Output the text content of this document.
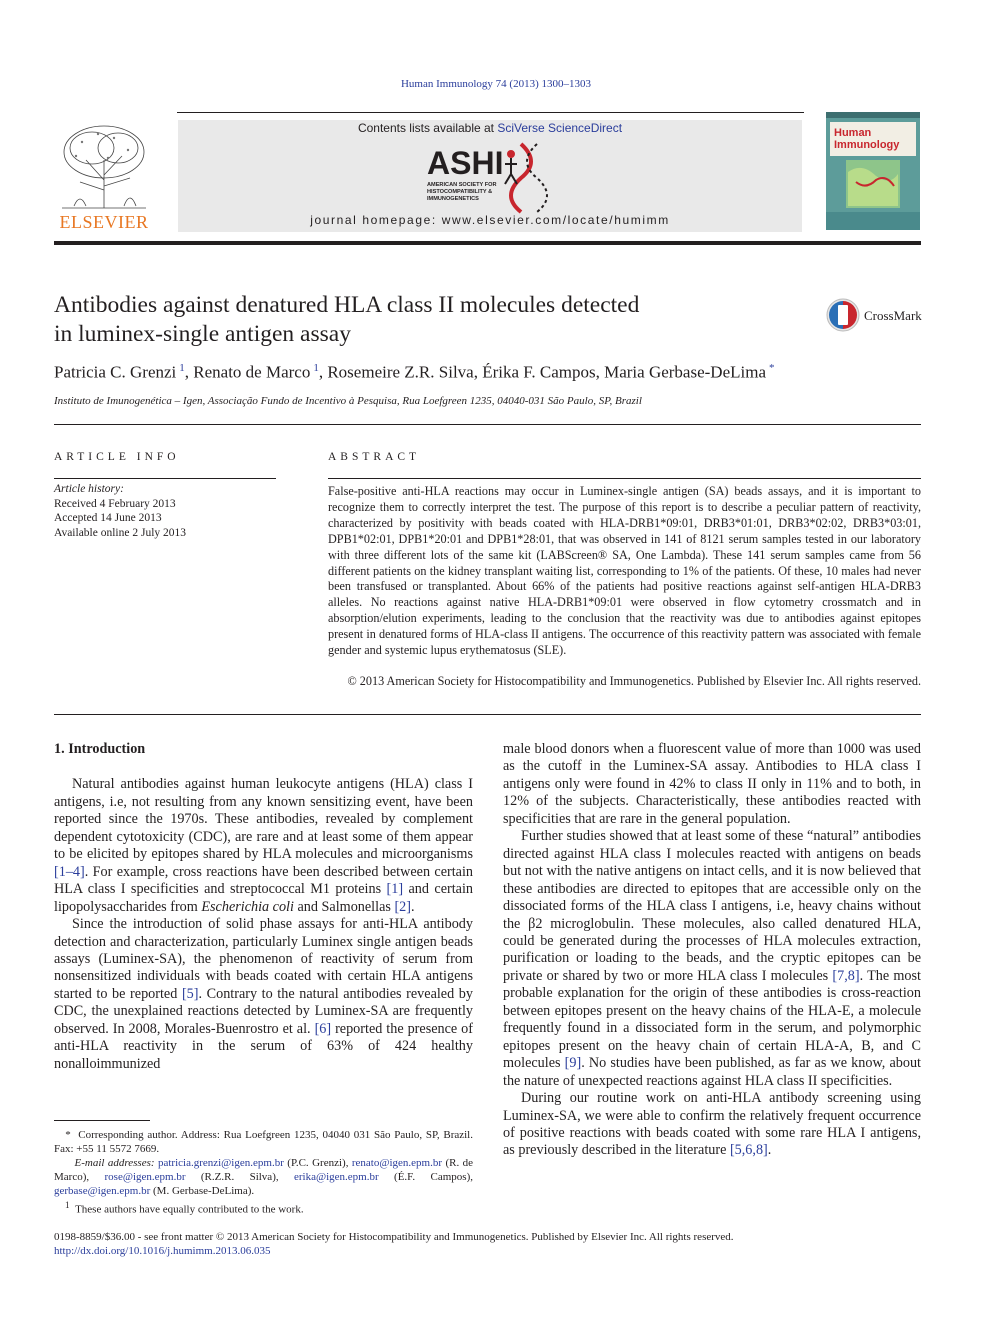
Human Immunology 74 (2013) 1300–1303
ELSEVIER
Contents lists available at SciVerse ScienceDirect
ASHI
AMERICAN SOCIETY FOR HISTOCOMPATIBILITY & IMMUNOGENETICS
journal homepage: www.elsevier.com/locate/humimm
Human
Immunology
Antibodies against denatured HLA class II molecules detected
in luminex-single antigen assay
CrossMark
Patricia C. Grenzi $^1$, Renato de Marco $^1$, Rosemeire Z.R. Silva, Érika F. Campos, Maria Gerbase-DeLima *
Instituto de Imunogenética – Igen, Associação Fundo de Incentivo à Pesquisa, Rua Loefgreen 1235, 04040-031 São Paulo, SP, Brazil
ARTICLE INFO
Article history:
Received 4 February 2013
Accepted 14 June 2013
Available online 2 July 2013
ABSTRACT
False-positive anti-HLA reactions may occur in Luminex-single antigen (SA) beads assays, and it is important to recognize them to correctly interpret the test. The purpose of this report is to describe a peculiar pattern of reactivity, characterized by positivity with beads coated with HLA-DRB1*09:01, DRB3*01:01, DRB3*02:02, DRB3*03:01, DPB1*02:01, DPB1*20:01 and DPB1*28:01, that was observed in 141 of 8121 serum samples tested in our laboratory with three different lots of the same kit (LABScreen® SA, One Lambda). These 141 serum samples came from 56 different patients on the kidney transplant waiting list, corresponding to 1% of the patients. Of these, 10 males had never been transfused or transplanted. About 66% of the patients had positive reactions against self-antigen HLA-DRB3 alleles. No reactions against native HLA-DRB1*09:01 were observed in flow cytometry crossmatch and in absorption/elution experiments, leading to the conclusion that the reactivity was due to antibodies against epitopes present in denatured forms of HLA-class II antigens. The occurrence of this reactivity pattern was associated with female gender and systemic lupus erythematosus (SLE).
© 2013 American Society for Histocompatibility and Immunogenetics. Published by Elsevier Inc. All rights reserved.

1. Introduction

Natural antibodies against human leukocyte antigens (HLA) class I antigens, i.e, not resulting from any known sensitizing event, have been reported since the 1970s. These antibodies, revealed by complement dependent cytotoxicity (CDC), are rare and at least some of them appear to be elicited by epitopes shared by HLA molecules and microorganisms [1–4]. For example, cross reactions have been described between certain HLA class I specificities and streptococcal M1 proteins [1] and certain lipopolysaccharides from Escherichia coli and Salmonellas [2].

Since the introduction of solid phase assays for anti-HLA antibody detection and characterization, particularly Luminex single antigen beads assays (Luminex-SA), the phenomenon of reactivity of serum from nonsensitized individuals with beads coated with certain HLA antigens started to be reported [5]. Contrary to the natural antibodies revealed by CDC, the unexplained reactions detected by Luminex-SA are frequently observed. In 2008, Morales-Buenrostro et al. [6] reported the presence of anti-HLA reactivity in the serum of 63% of 424 healthy nonalloimmunized

male blood donors when a fluorescent value of more than 1000 was used as the cutoff in the Luminex-SA assay. Antibodies to HLA class I antigens only were found in 42% to class II only in 11% and to both, in 12% of the subjects. Characteristically, these antibodies reacted with specificities that are rare in the general population.

Further studies showed that at least some of these “natural” antibodies directed against HLA class I molecules reacted with antigens on beads but not with the native antigens on intact cells, and it is now believed that these antibodies are directed to epitopes that are accessible only on the dissociated forms of the HLA class I antigens, i.e, heavy chains without the β2 microglobulin. These molecules, also called denatured HLA, could be generated during the processes of HLA molecules extraction, purification or loading to the beads, and the cryptic epitopes can be private or shared by two or more HLA class I molecules [7,8]. The most probable explanation for the origin of these antibodies is cross-reaction between epitopes present on the heavy chains of the HLA-E, a molecule frequently found in a dissociated form in the serum, and polymorphic epitopes present on the heavy chain of certain HLA-A, B, and C molecules [9]. No studies have been published, as far as we know, about the nature of unexpected reactions against HLA class II specificities.

During our routine work on anti-HLA antibody screening using Luminex-SA, we were able to confirm the relatively frequent occurrence of positive reactions with beads coated with some rare HLA I antigens, as previously described in the literature [5,6,8].

* Corresponding author. Address: Rua Loefgreen 1235, 04040 031 São Paulo, SP, Brazil. Fax: +55 11 5572 7669.

E-mail addresses: patricia.grenzi@igen.epm.br (P.C. Grenzi), renato@igen.epm.br (R. de Marco), rose@igen.epm.br (R.Z.R. Silva), erika@igen.epm.br (É.F. Campos), gerbase@igen.epm.br (M. Gerbase-DeLima).

$^1$ These authors have equally contributed to the work.

0198-8859/$36.00 - see front matter © 2013 American Society for Histocompatibility and Immunogenetics. Published by Elsevier Inc. All rights reserved.
http://dx.doi.org/10.1016/j.humimm.2013.06.035
